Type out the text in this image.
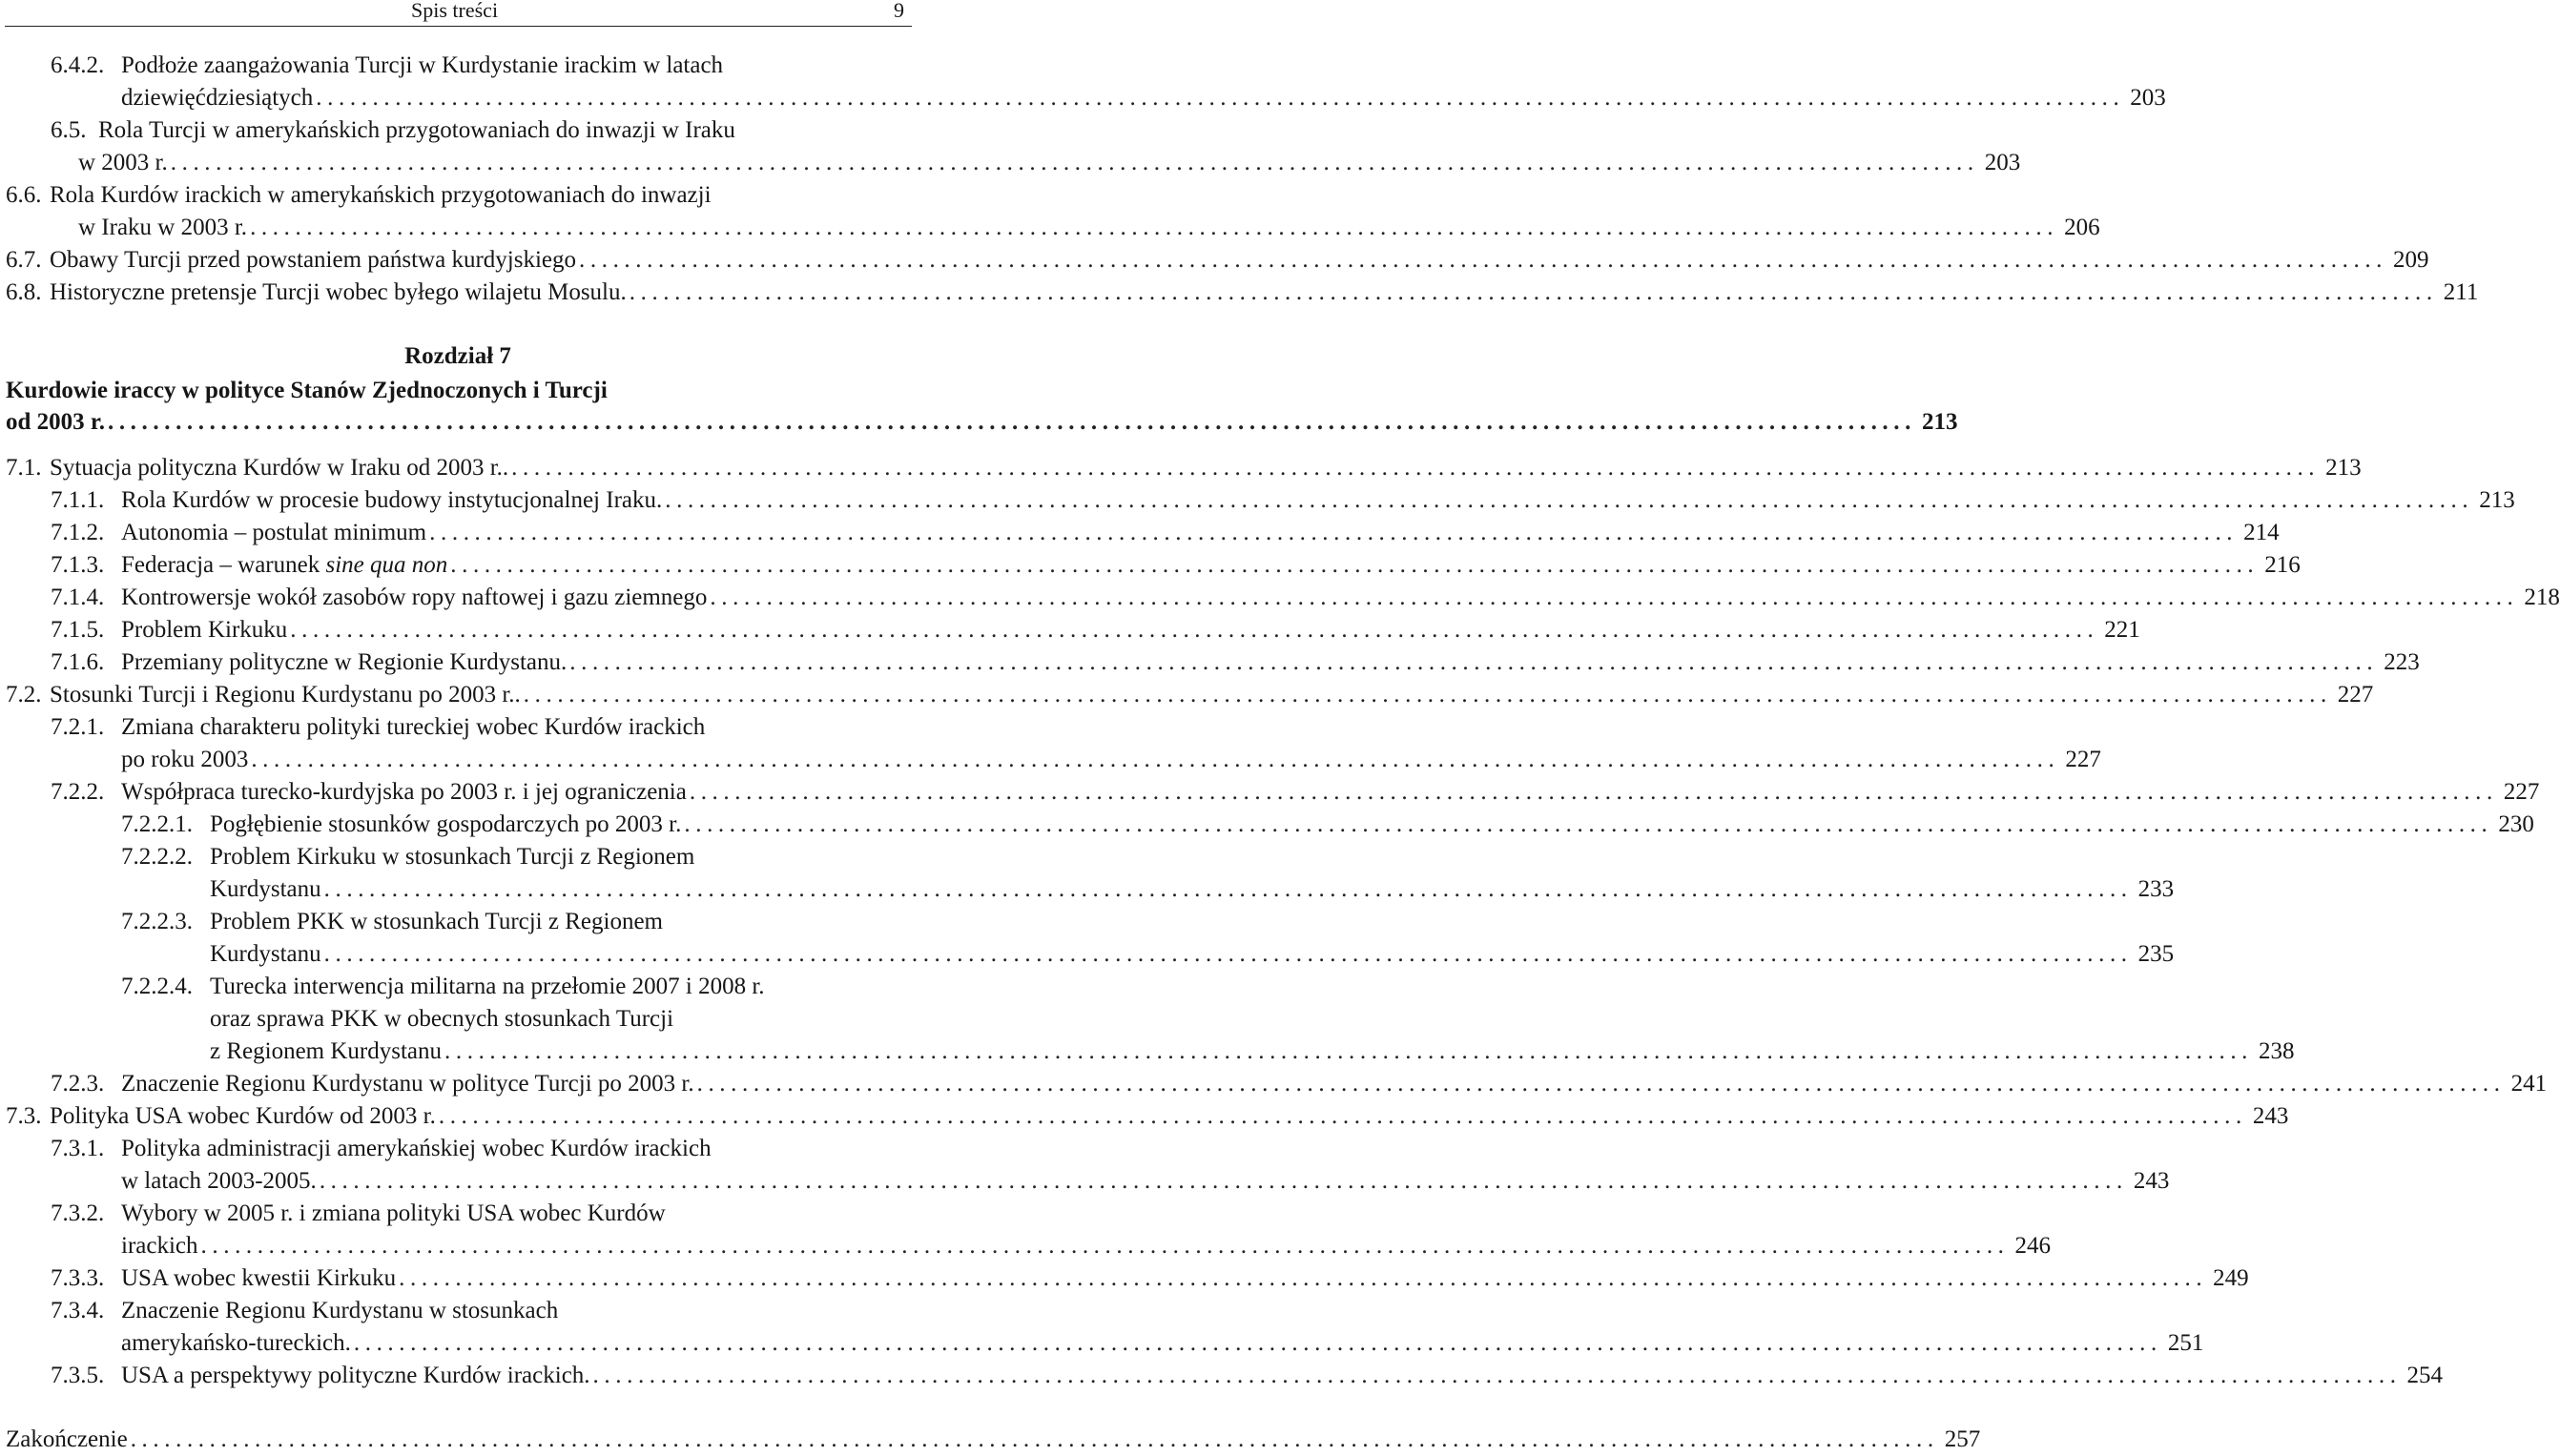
Spis treści	9
6.4.2. Podłoże zaangażowania Turcji w Kurdystanie irackim w latach
dziewięćdziesiątych ................................................................................................................................................................ 203
6.5. Rola Turcji w amerykańskich przygotowaniach do inwazji w Iraku
w 2003 r. ................................................................................................................................................................ 203
6.6. Rola Kurdów irackich w amerykańskich przygotowaniach do inwazji
w Iraku w 2003 r. ................................................................................................................................................................ 206
6.7. Obawy Turcji przed powstaniem państwa kurdyjskiego ................................................................................................................................................................ 209
6.8. Historyczne pretensje Turcji wobec byłego wilajetu Mosulu. ................................................................................................................................................................ 211
Rozdział 7
Kurdowie iraccy w polityce Stanów Zjednoczonych i Turcji
od 2003 r. ................................................................................................................................................................ 213
7.1. Sytuacja polityczna Kurdów w Iraku od 2003 r.. ................................................................................................................................................................ 213
7.1.1. Rola Kurdów w procesie budowy instytucjonalnej Iraku. ................................................................................................................................................................ 213
7.1.2. Autonomia – postulat minimum ................................................................................................................................................................ 214
7.1.3. Federacja – warunek sine qua non ................................................................................................................................................................ 216
7.1.4. Kontrowersje wokół zasobów ropy naftowej i gazu ziemnego ................................................................................................................................................................ 218
7.1.5. Problem Kirkuku ................................................................................................................................................................ 221
7.1.6. Przemiany polityczne w Regionie Kurdystanu. ................................................................................................................................................................ 223
7.2. Stosunki Turcji i Regionu Kurdystanu po 2003 r.. ................................................................................................................................................................ 227
7.2.1. Zmiana charakteru polityki tureckiej wobec Kurdów irackich
po roku 2003 ................................................................................................................................................................ 227
7.2.2. Współpraca turecko-kurdyjska po 2003 r. i jej ograniczenia ................................................................................................................................................................ 227
7.2.2.1. Pogłębienie stosunków gospodarczych po 2003 r. ................................................................................................................................................................ 230
7.2.2.2. Problem Kirkuku w stosunkach Turcji z Regionem
Kurdystanu ................................................................................................................................................................ 233
7.2.2.3. Problem PKK w stosunkach Turcji z Regionem
Kurdystanu ................................................................................................................................................................ 235
7.2.2.4. Turecka interwencja militarna na przełomie 2007 i 2008 r.
oraz sprawa PKK w obecnych stosunkach Turcji
z Regionem Kurdystanu ................................................................................................................................................................ 238
7.2.3. Znaczenie Regionu Kurdystanu w polityce Turcji po 2003 r. ................................................................................................................................................................ 241
7.3. Polityka USA wobec Kurdów od 2003 r. ................................................................................................................................................................ 243
7.3.1. Polityka administracji amerykańskiej wobec Kurdów irackich
w latach 2003-2005. ................................................................................................................................................................ 243
7.3.2. Wybory w 2005 r. i zmiana polityki USA wobec Kurdów
irackich ................................................................................................................................................................ 246
7.3.3. USA wobec kwestii Kirkuku ................................................................................................................................................................ 249
7.3.4. Znaczenie Regionu Kurdystanu w stosunkach
amerykańsko-tureckich. ................................................................................................................................................................ 251
7.3.5. USA a perspektywy polityczne Kurdów irackich. ................................................................................................................................................................ 254
Zakończenie ................................................................................................................................................................ 257
